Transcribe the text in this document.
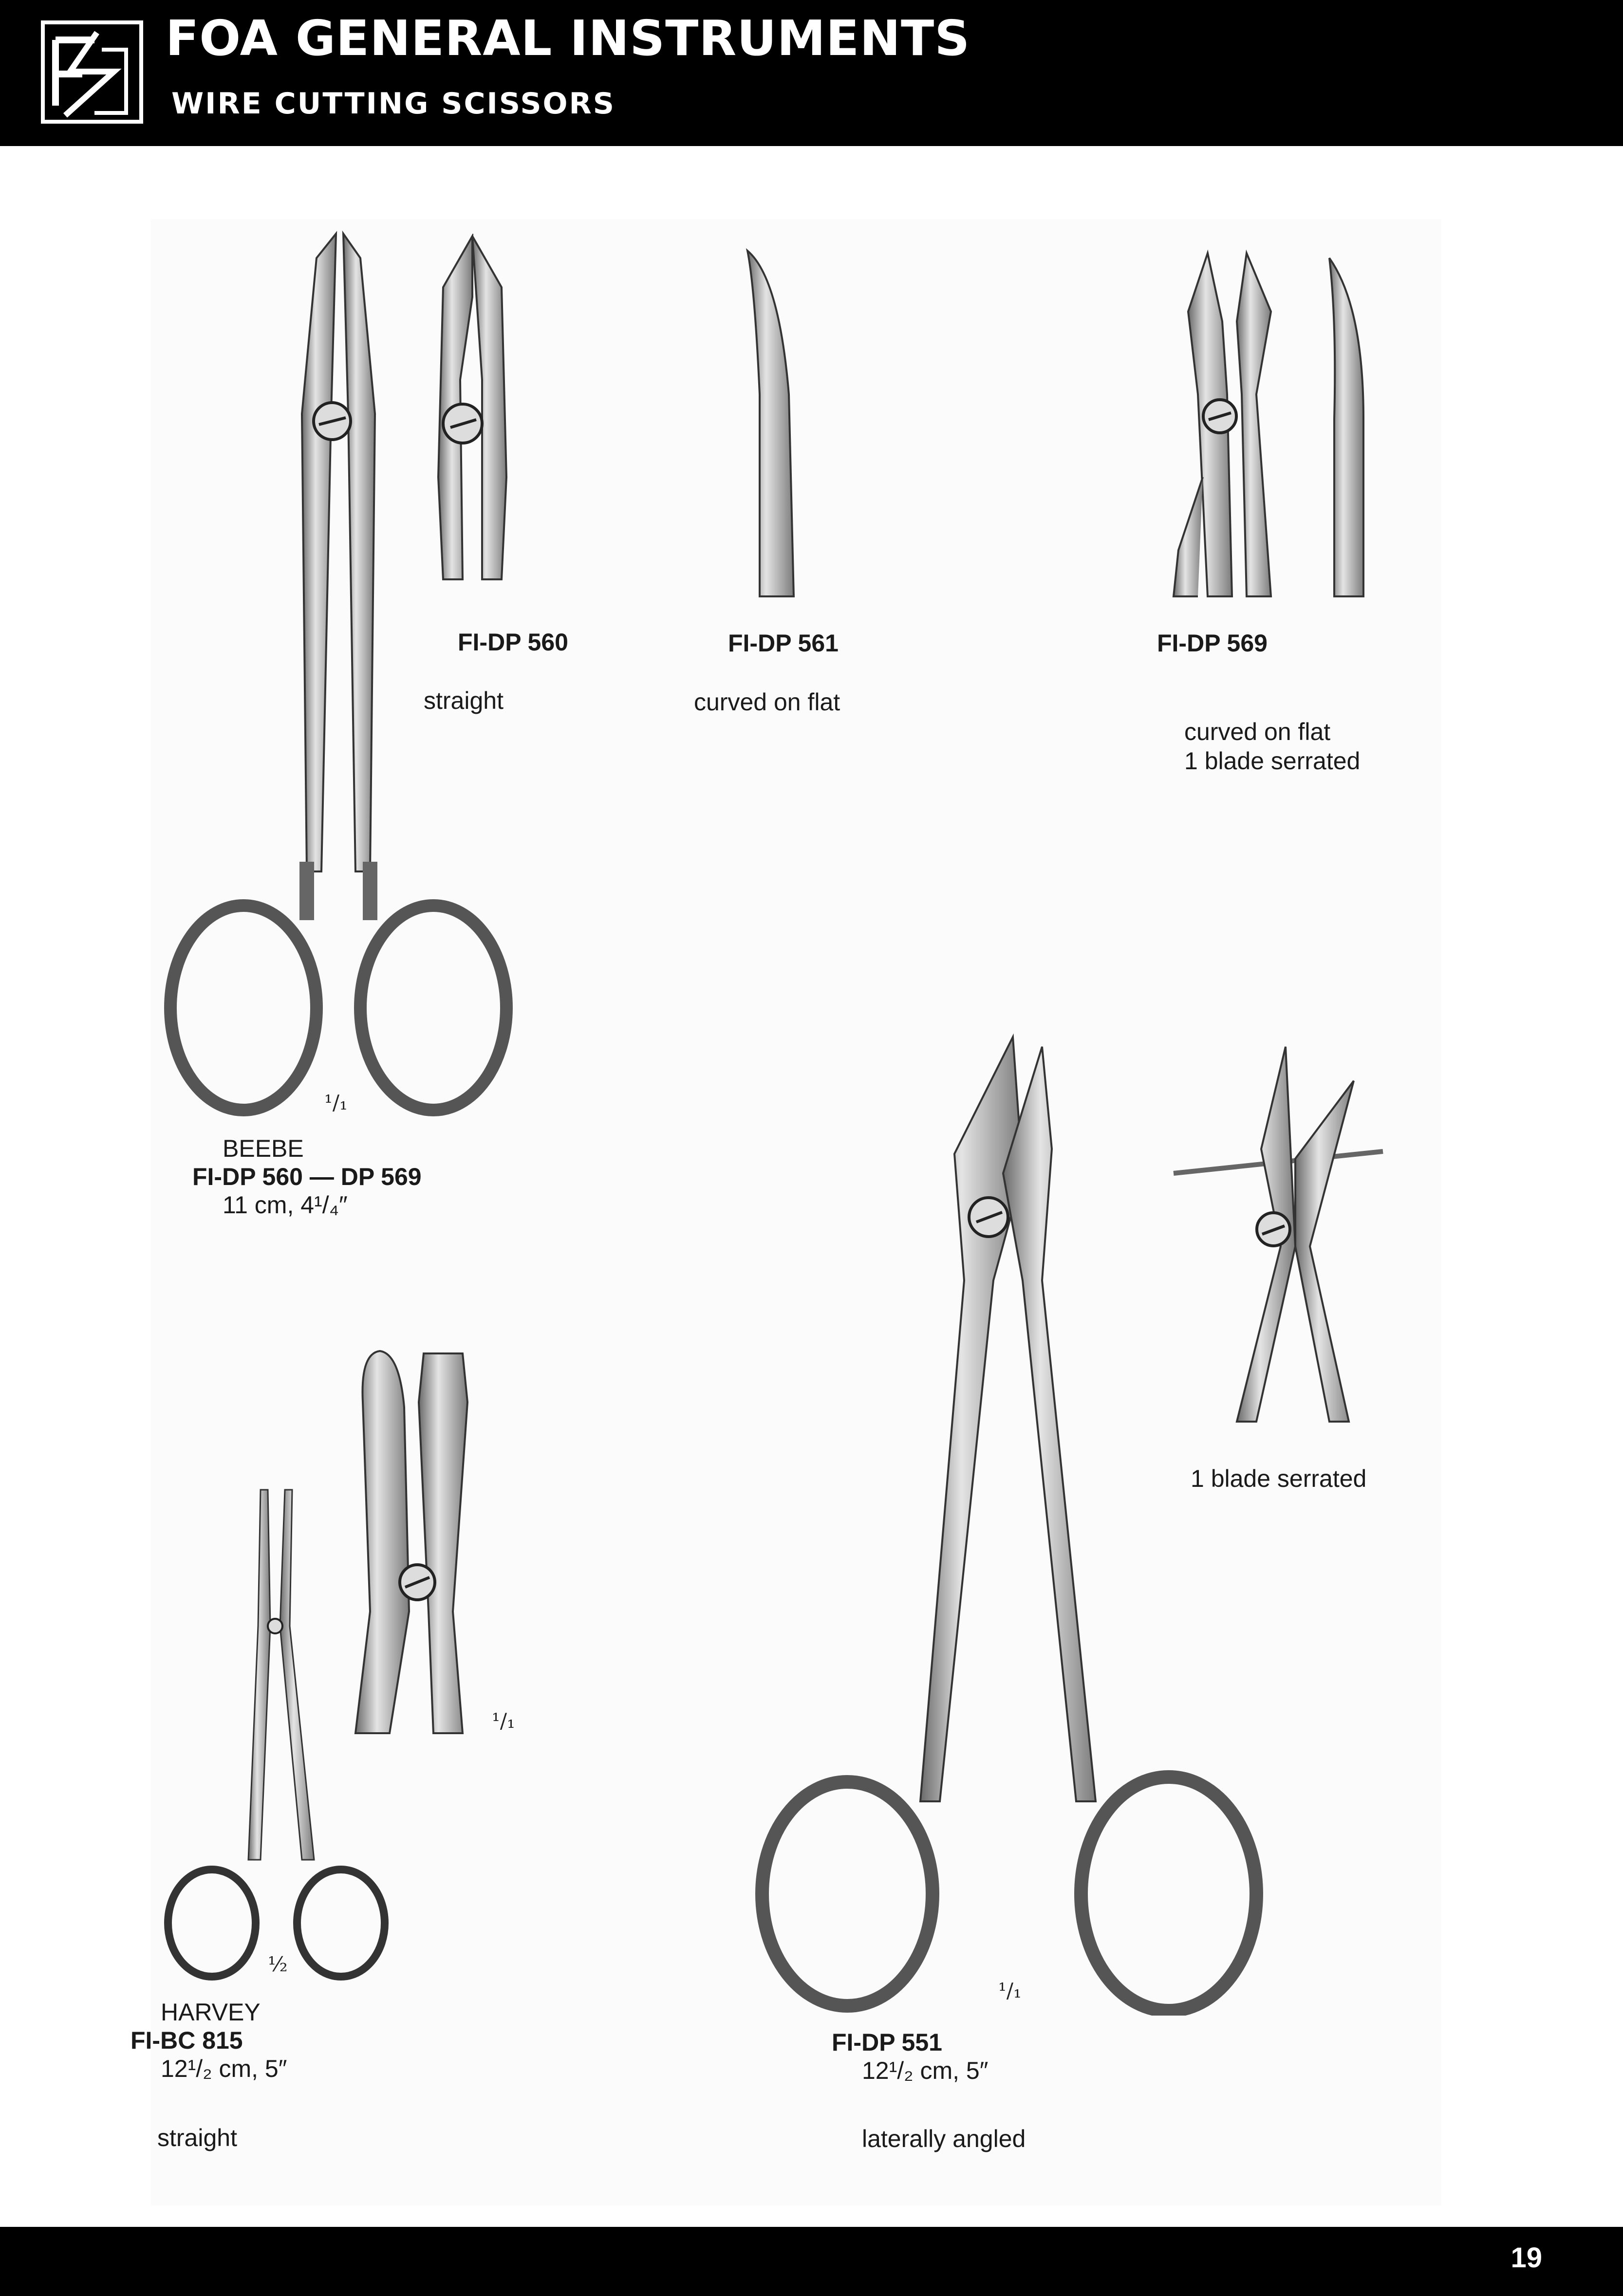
FOA GENERAL INSTRUMENTS
WIRE CUTTING SCISSORS
FI-DP 560
straight
FI-DP 561
curved on flat
FI-DP 569
curved on flat
1 blade serrated
¹/₁
BEEBE
FI-DP 560 — DP 569
11 cm, 4¹/₄″
1 blade serrated
¹/₁
½
HARVEY
FI-BC 815
12¹/₂ cm, 5″
straight
¹/₁
FI-DP 551
12¹/₂ cm, 5″
laterally angled
19
